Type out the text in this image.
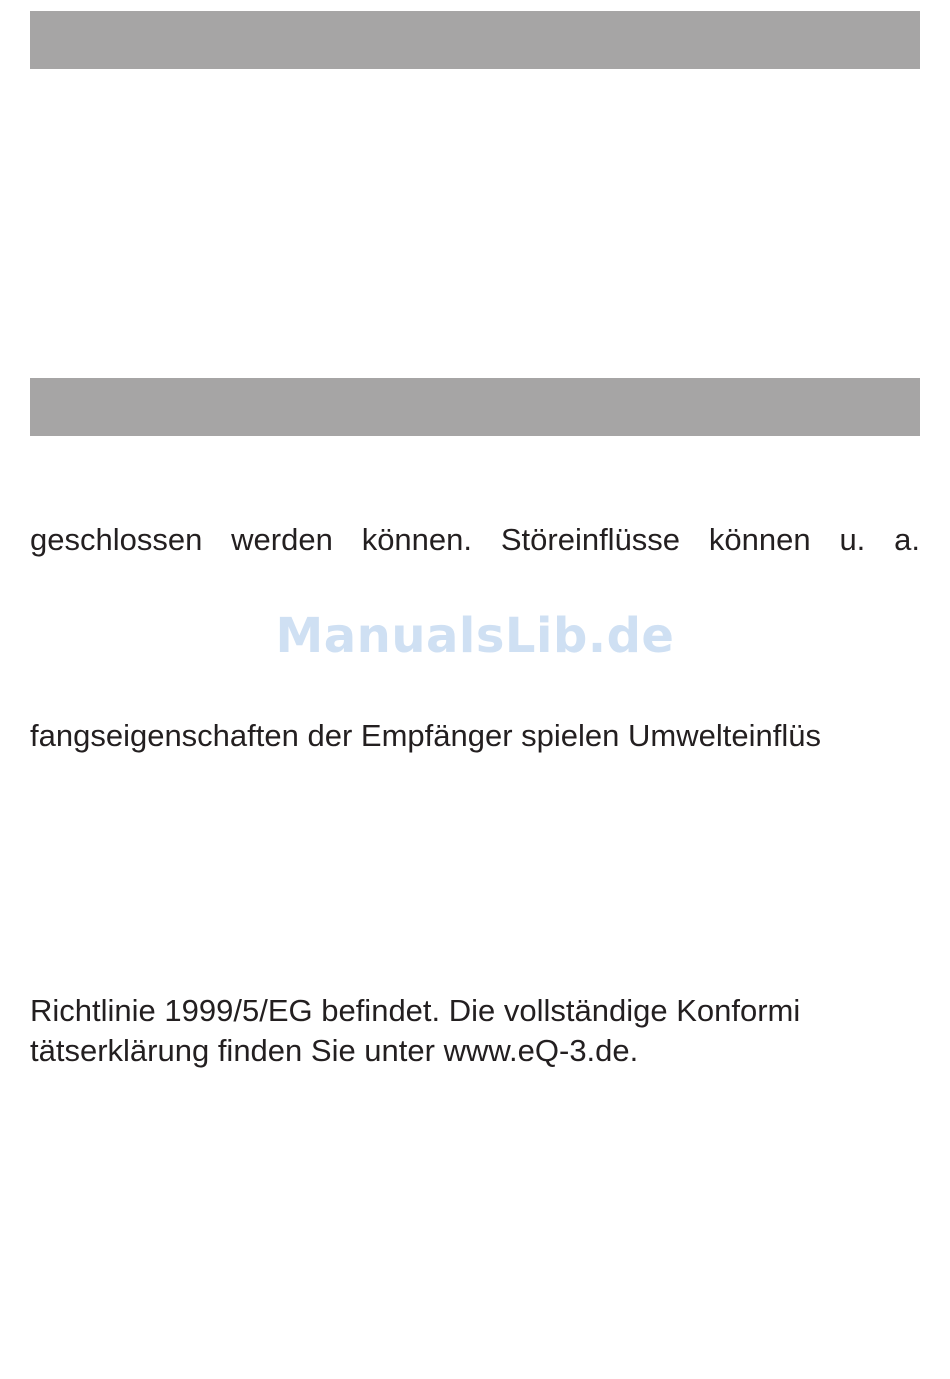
geschlossen werden können. Störeinflüsse können u. a.
ManualsLib.de
fangseigenschaften der Empfänger spielen Umwelteinflüs
Richtlinie 1999/5/EG befindet. Die vollständige Konformi
tätserklärung finden Sie unter www.eQ-3.de.
